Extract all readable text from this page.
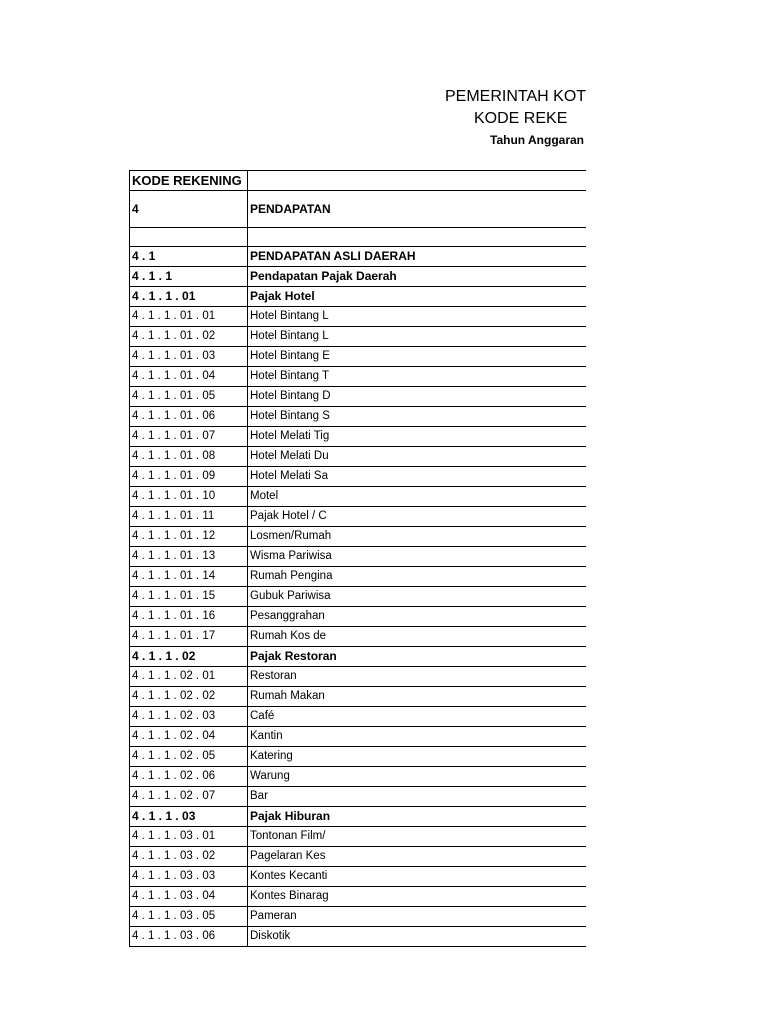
PEMERINTAH KOT
KODE REKE
Tahun Anggaran
KODE REKENING	
4	PENDAPATAN

4 . 1	PENDAPATAN ASLI DAERAH
4 . 1 . 1	Pendapatan Pajak Daerah
4 . 1 . 1 . 01	Pajak Hotel
4 . 1 . 1 . 01 . 01	Hotel Bintang L
4 . 1 . 1 . 01 . 02	Hotel Bintang L
4 . 1 . 1 . 01 . 03	Hotel Bintang E
4 . 1 . 1 . 01 . 04	Hotel Bintang T
4 . 1 . 1 . 01 . 05	Hotel Bintang D
4 . 1 . 1 . 01 . 06	Hotel Bintang S
4 . 1 . 1 . 01 . 07	Hotel Melati Tig
4 . 1 . 1 . 01 . 08	Hotel Melati Du
4 . 1 . 1 . 01 . 09	Hotel Melati Sa
4 . 1 . 1 . 01 . 10	Motel
4 . 1 . 1 . 01 . 11	Pajak Hotel / C
4 . 1 . 1 . 01 . 12	Losmen/Rumah
4 . 1 . 1 . 01 . 13	Wisma Pariwisa
4 . 1 . 1 . 01 . 14	Rumah Pengina
4 . 1 . 1 . 01 . 15	Gubuk Pariwisa
4 . 1 . 1 . 01 . 16	Pesanggrahan
4 . 1 . 1 . 01 . 17	Rumah Kos de
4 . 1 . 1 . 02	Pajak Restoran
4 . 1 . 1 . 02 . 01	Restoran
4 . 1 . 1 . 02 . 02	Rumah Makan
4 . 1 . 1 . 02 . 03	Café
4 . 1 . 1 . 02 . 04	Kantin
4 . 1 . 1 . 02 . 05	Katering
4 . 1 . 1 . 02 . 06	Warung
4 . 1 . 1 . 02 . 07	Bar
4 . 1 . 1 . 03	Pajak Hiburan
4 . 1 . 1 . 03 . 01	Tontonan Film/
4 . 1 . 1 . 03 . 02	Pagelaran Kes
4 . 1 . 1 . 03 . 03	Kontes Kecanti
4 . 1 . 1 . 03 . 04	Kontes Binarag
4 . 1 . 1 . 03 . 05	Pameran
4 . 1 . 1 . 03 . 06	Diskotik
